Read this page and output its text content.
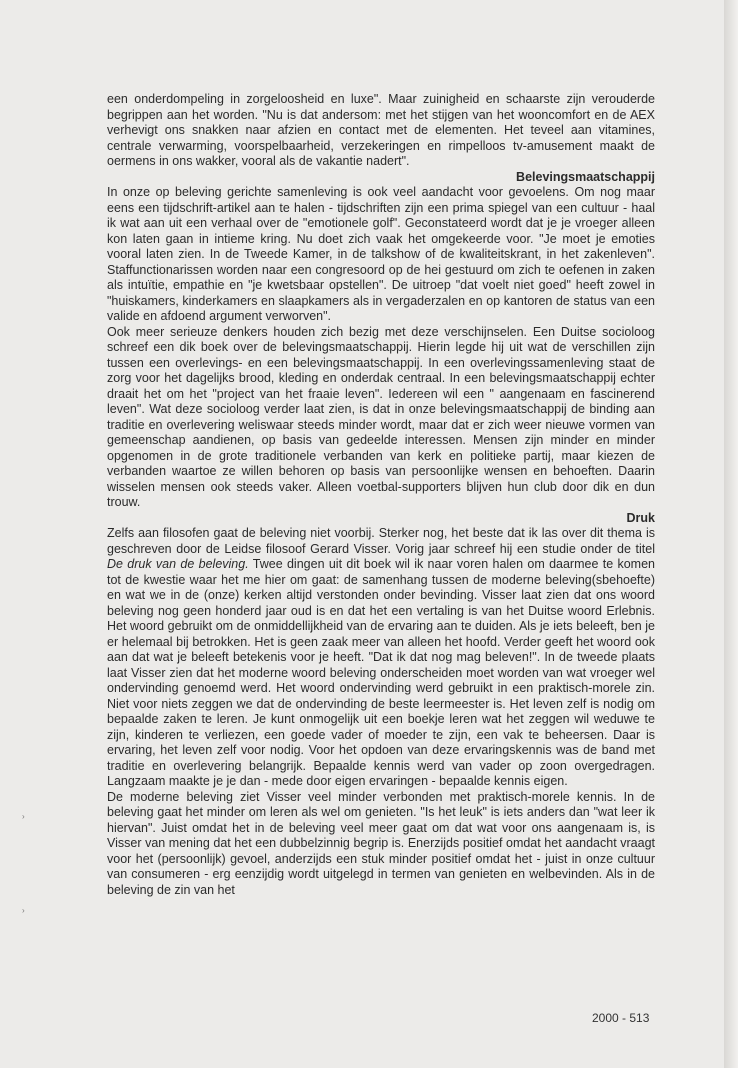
een onderdompeling in zorgeloosheid en luxe". Maar zuinigheid en schaarste zijn verouderde begrippen aan het worden. "Nu is dat andersom: met het stijgen van het wooncomfort en de AEX verhevigt ons snakken naar afzien en contact met de elementen. Het teveel aan vitamines, centrale verwarming, voorspelbaarheid, verzekeringen en rimpelloos tv-amusement maakt de oermens in ons wakker, vooral als de vakantie nadert".

Belevingsmaatschappij

In onze op beleving gerichte samenleving is ook veel aandacht voor gevoelens. Om nog maar eens een tijdschrift-artikel aan te halen - tijdschriften zijn een prima spiegel van een cultuur - haal ik wat aan uit een verhaal over de "emotionele golf". Geconstateerd wordt dat je je vroeger alleen kon laten gaan in intieme kring. Nu doet zich vaak het omgekeerde voor. "Je moet je emoties vooral laten zien. In de Tweede Kamer, in de talkshow of de kwaliteitskrant, in het zakenleven". Staffunctionarissen worden naar een congresoord op de hei gestuurd om zich te oefenen in zaken als intuïtie, empathie en "je kwetsbaar opstellen". De uitroep "dat voelt niet goed" heeft zowel in "huiskamers, kinderkamers en slaapkamers als in vergaderzalen en op kantoren de status van een valide en afdoend argument verworven".

Ook meer serieuze denkers houden zich bezig met deze verschijnselen. Een Duitse socioloog schreef een dik boek over de belevingsmaatschappij. Hierin legde hij uit wat de verschillen zijn tussen een overlevings- en een belevingsmaatschappij. In een overlevingssamenleving staat de zorg voor het dagelijks brood, kleding en onderdak centraal. In een belevingsmaatschappij echter draait het om het "project van het fraaie leven". Iedereen wil een " aangenaam en fascinerend leven". Wat deze socioloog verder laat zien, is dat in onze belevingsmaatschappij de binding aan traditie en overlevering weliswaar steeds minder wordt, maar dat er zich weer nieuwe vormen van gemeenschap aandienen, op basis van gedeelde interessen. Mensen zijn minder en minder opgenomen in de grote traditionele verbanden van kerk en politieke partij, maar kiezen de verbanden waartoe ze willen behoren op basis van persoonlijke wensen en behoeften. Daarin wisselen mensen ook steeds vaker. Alleen voetbal-supporters blijven hun club door dik en dun trouw.

Druk

Zelfs aan filosofen gaat de beleving niet voorbij. Sterker nog, het beste dat ik las over dit thema is geschreven door de Leidse filosoof Gerard Visser. Vorig jaar schreef hij een studie onder de titel De druk van de beleving. Twee dingen uit dit boek wil ik naar voren halen om daarmee te komen tot de kwestie waar het me hier om gaat: de samenhang tussen de moderne beleving(sbehoefte) en wat we in de (onze) kerken altijd verstonden onder bevinding. Visser laat zien dat ons woord beleving nog geen honderd jaar oud is en dat het een vertaling is van het Duitse woord Erlebnis. Het woord gebruikt om de onmiddellijkheid van de ervaring aan te duiden. Als je iets beleeft, ben je er helemaal bij betrokken. Het is geen zaak meer van alleen het hoofd. Verder geeft het woord ook aan dat wat je beleeft betekenis voor je heeft. "Dat ik dat nog mag beleven!". In de tweede plaats laat Visser zien dat het moderne woord beleving onderscheiden moet worden van wat vroeger wel ondervinding genoemd werd. Het woord ondervinding werd gebruikt in een praktisch-morele zin. Niet voor niets zeggen we dat de ondervinding de beste leermeester is. Het leven zelf is nodig om bepaalde zaken te leren. Je kunt onmogelijk uit een boekje leren wat het zeggen wil weduwe te zijn, kinderen te verliezen, een goede vader of moeder te zijn, een vak te beheersen. Daar is ervaring, het leven zelf voor nodig. Voor het opdoen van deze ervaringskennis was de band met traditie en overlevering belangrijk. Bepaalde kennis werd van vader op zoon overgedragen. Langzaam maakte je je dan - mede door eigen ervaringen - bepaalde kennis eigen.

De moderne beleving ziet Visser veel minder verbonden met praktisch-morele kennis. In de beleving gaat het minder om leren als wel om genieten. "Is het leuk" is iets anders dan "wat leer ik hiervan". Juist omdat het in de beleving veel meer gaat om dat wat voor ons aangenaam is, is Visser van mening dat het een dubbelzinnig begrip is. Enerzijds positief omdat het aandacht vraagt voor het (persoonlijk) gevoel, anderzijds een stuk minder positief omdat het - juist in onze cultuur van consumeren - erg eenzijdig wordt uitgelegd in termen van genieten en welbevinden. Als in de beleving de zin van het

›
›
2000 - 513
